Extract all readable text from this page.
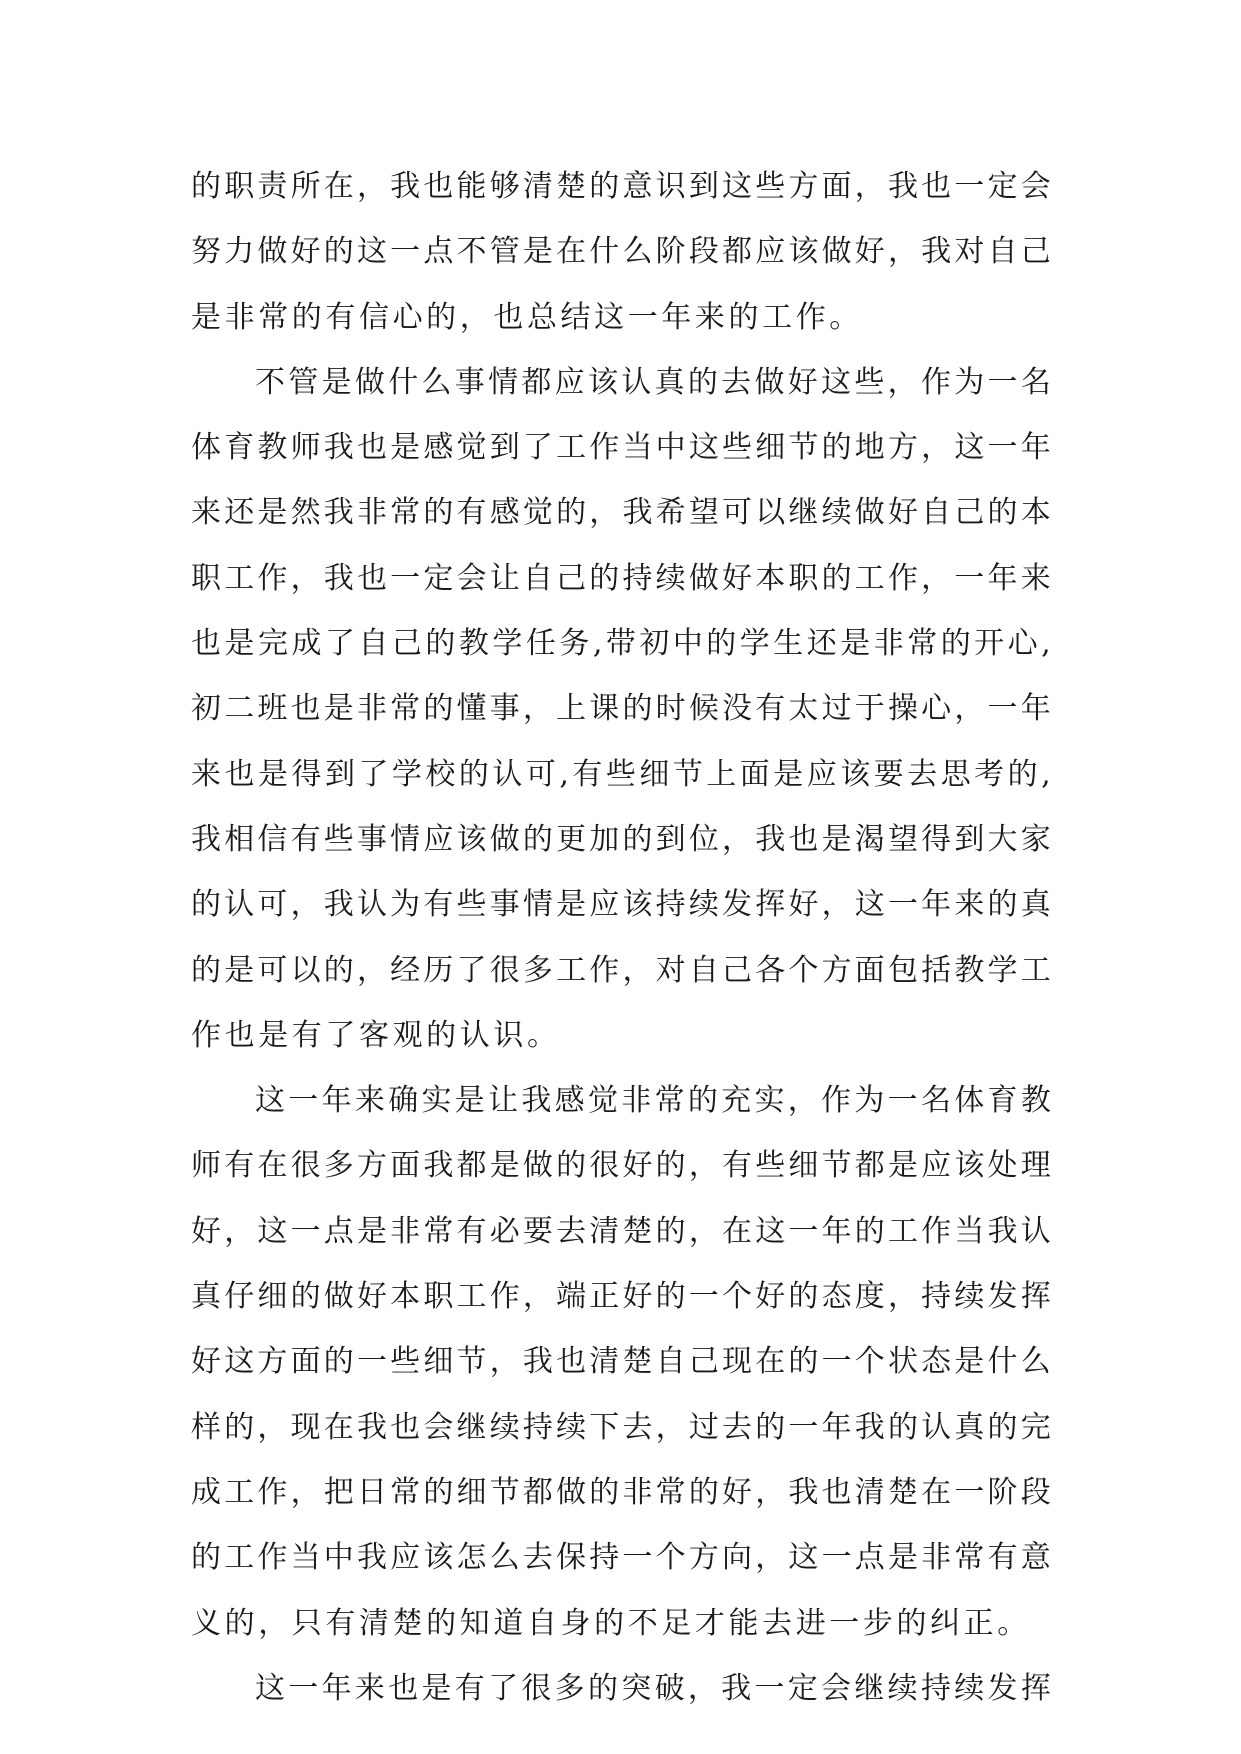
的 职 责 所 在 ， 我 也 能 够 清 楚 的 意 识 到 这 些 方 面 ， 我 也 一 定 会
努 力 做 好 的 这 一 点 不 管 是 在 什 么 阶 段 都 应 该 做 好 ， 我 对 自 己
是 非 常 的 有 信 心 的 ， 也 总 结 这 一 年 来 的 工 作 。
不 管 是 做 什 么 事 情 都 应 该 认 真 的 去 做 好 这 些 ， 作 为 一 名
体 育 教 师 我 也 是 感 觉 到 了 工 作 当 中 这 些 细 节 的 地 方 ， 这 一 年
来 还 是 然 我 非 常 的 有 感 觉 的 ， 我 希 望 可 以 继 续 做 好 自 己 的 本
职 工 作 ， 我 也 一 定 会 让 自 己 的 持 续 做 好 本 职 的 工 作 ， 一 年 来
也 是 完 成 了 自 己 的 教 学 任 务 , 带 初 中 的 学 生 还 是 非 常 的 开 心 ,
初 二 班 也 是 非 常 的 懂 事 ， 上 课 的 时 候 没 有 太 过 于 操 心 ， 一 年
来 也 是 得 到 了 学 校 的 认 可 , 有 些 细 节 上 面 是 应 该 要 去 思 考 的 ,
我 相 信 有 些 事 情 应 该 做 的 更 加 的 到 位 ， 我 也 是 渴 望 得 到 大 家
的 认 可 ， 我 认 为 有 些 事 情 是 应 该 持 续 发 挥 好 ， 这 一 年 来 的 真
的 是 可 以 的 ， 经 历 了 很 多 工 作 ， 对 自 己 各 个 方 面 包 括 教 学 工
作 也 是 有 了 客 观 的 认 识 。
这 一 年 来 确 实 是 让 我 感 觉 非 常 的 充 实 ， 作 为 一 名 体 育 教
师 有 在 很 多 方 面 我 都 是 做 的 很 好 的 ， 有 些 细 节 都 是 应 该 处 理
好 ， 这 一 点 是 非 常 有 必 要 去 清 楚 的 ， 在 这 一 年 的 工 作 当 我 认
真 仔 细 的 做 好 本 职 工 作 ， 端 正 好 的 一 个 好 的 态 度 ， 持 续 发 挥
好 这 方 面 的 一 些 细 节 ， 我 也 清 楚 自 己 现 在 的 一 个 状 态 是 什 么
样 的 ， 现 在 我 也 会 继 续 持 续 下 去 ， 过 去 的 一 年 我 的 认 真 的 完
成 工 作 ， 把 日 常 的 细 节 都 做 的 非 常 的 好 ， 我 也 清 楚 在 一 阶 段
的 工 作 当 中 我 应 该 怎 么 去 保 持 一 个 方 向 ， 这 一 点 是 非 常 有 意
义 的 ， 只 有 清 楚 的 知 道 自 身 的 不 足 才 能 去 进 一 步 的 纠 正 。
这 一 年 来 也 是 有 了 很 多 的 突 破 ， 我 一 定 会 继 续 持 续 发 挥
